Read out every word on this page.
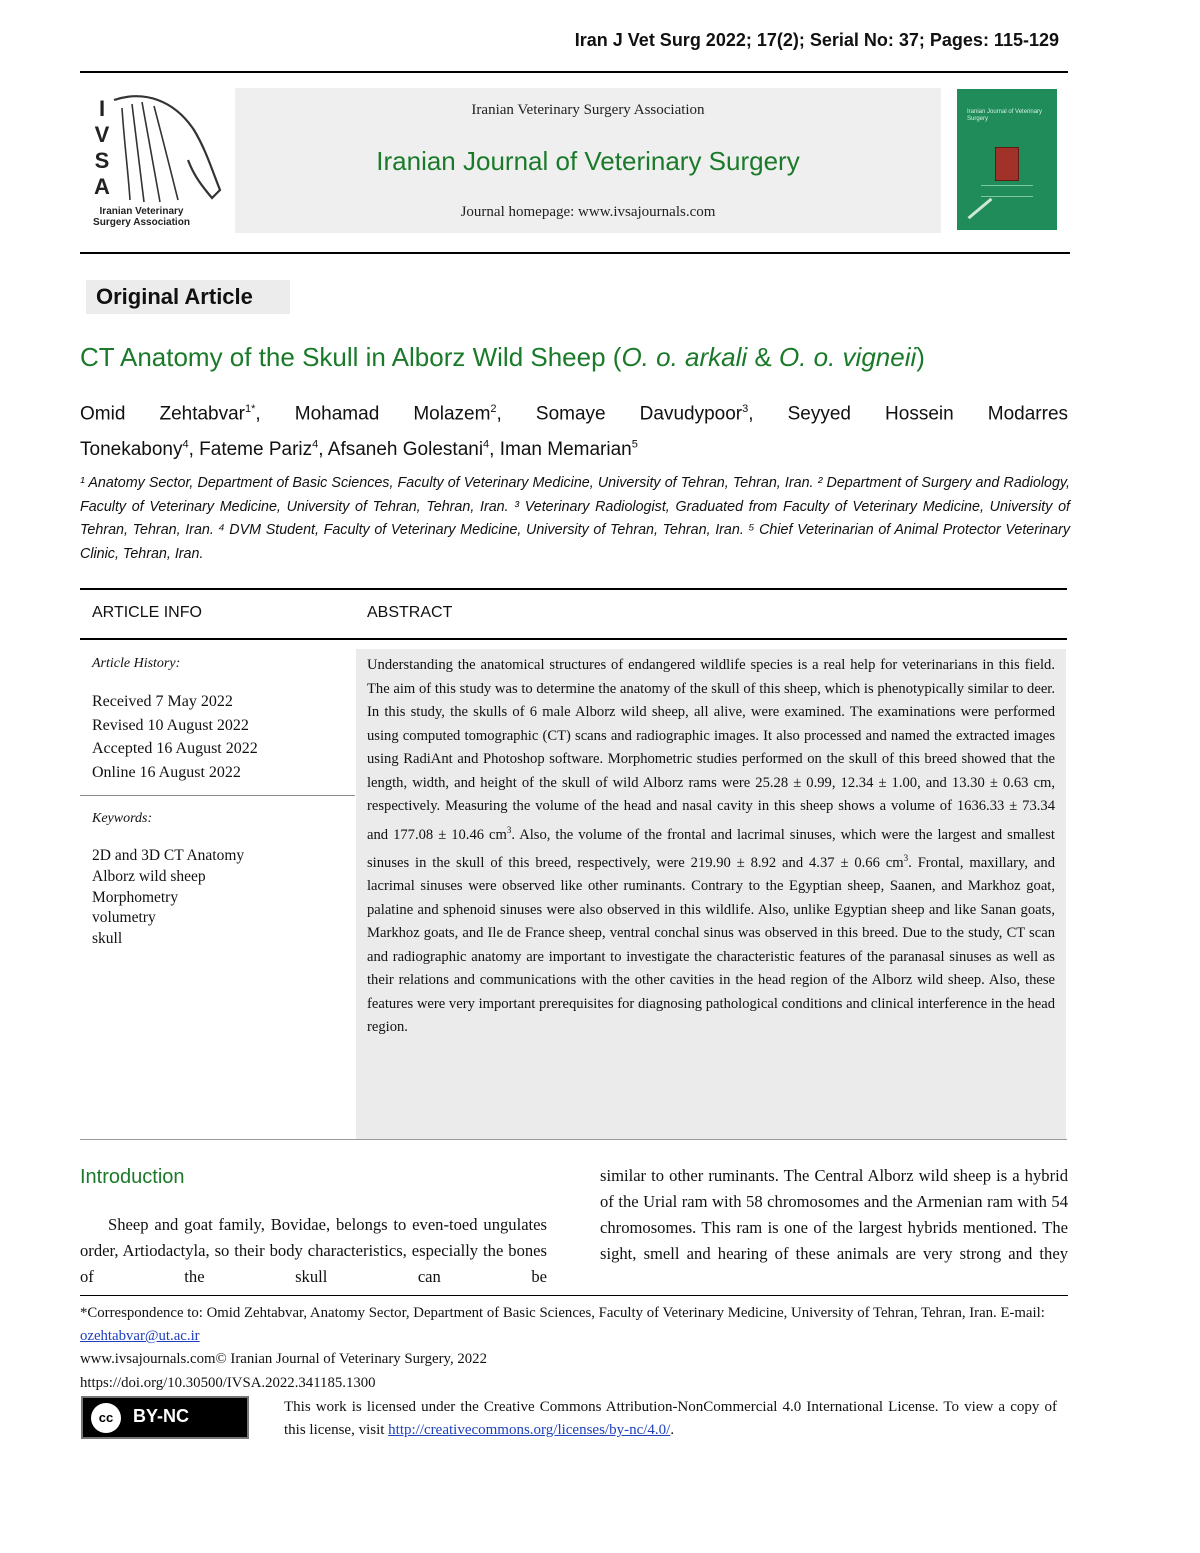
Iran J Vet Surg 2022; 17(2); Serial No: 37; Pages: 115-129
I
V
S
A
Iranian Veterinary Surgery Association
Iranian Veterinary Surgery Association
Iranian Journal of Veterinary Surgery
Journal homepage: www.ivsajournals.com
Iranian Journal of Veterinary Surgery
Original Article
CT Anatomy of the Skull in Alborz Wild Sheep (O. o. arkali & O. o. vigneii)
Omid Zehtabvar$^{1*}$, Mohamad Molazem$^2$, Somaye Davudypoor$^3$, Seyyed Hossein Modarres
Tonekabony$^4$, Fateme Pariz$^4$, Afsaneh Golestani$^4$, Iman Memarian$^5$
¹ Anatomy Sector, Department of Basic Sciences, Faculty of Veterinary Medicine, University of Tehran, Tehran, Iran. ² Department of Surgery and Radiology, Faculty of Veterinary Medicine, University of Tehran, Tehran, Iran. ³ Veterinary Radiologist, Graduated from Faculty of Veterinary Medicine, University of Tehran, Tehran, Iran. ⁴ DVM Student, Faculty of Veterinary Medicine, University of Tehran, Tehran, Iran. ⁵ Chief Veterinarian of Animal Protector Veterinary Clinic, Tehran, Iran.
ARTICLE INFO	ABSTRACT
Article History:
Received 7 May 2022
Revised 10 August 2022
Accepted 16 August 2022
Online 16 August 2022
Keywords:
2D and 3D CT Anatomy
Alborz wild sheep
Morphometry
volumetry
skull
Understanding the anatomical structures of endangered wildlife species is a real help for veterinarians in this field. The aim of this study was to determine the anatomy of the skull of this sheep, which is phenotypically similar to deer. In this study, the skulls of 6 male Alborz wild sheep, all alive, were examined. The examinations were performed using computed tomographic (CT) scans and radiographic images. It also processed and named the extracted images using RadiAnt and Photoshop software. Morphometric studies performed on the skull of this breed showed that the length, width, and height of the skull of wild Alborz rams were 25.28 ± 0.99, 12.34 ± 1.00, and 13.30 ± 0.63 cm, respectively. Measuring the volume of the head and nasal cavity in this sheep shows a volume of 1636.33 ± 73.34 and 177.08 ± 10.46 $cm^3$. Also, the volume of the frontal and lacrimal sinuses, which were the largest and smallest sinuses in the skull of this breed, respectively, were 219.90 ± 8.92 and 4.37 ± 0.66 $cm^3$. Frontal, maxillary, and lacrimal sinuses were observed like other ruminants. Contrary to the Egyptian sheep, Saanen, and Markhoz goat, palatine and sphenoid sinuses were also observed in this wildlife. Also, unlike Egyptian sheep and like Sanan goats, Markhoz goats, and Ile de France sheep, ventral conchal sinus was observed in this breed. Due to the study, CT scan and radiographic anatomy are important to investigate the characteristic features of the paranasal sinuses as well as their relations and communications with the other cavities in the head region of the Alborz wild sheep. Also, these features were very important prerequisites for diagnosing pathological conditions and clinical interference in the head region.
Introduction
Sheep and goat family, Bovidae, belongs to even-toed ungulates order, Artiodactyla, so their body characteristics, especially the bones of the skull can be
similar to other ruminants. The Central Alborz wild sheep is a hybrid of the Urial ram with 58 chromosomes and the Armenian ram with 54 chromosomes. This ram is one of the largest hybrids mentioned. The sight, smell and hearing of these animals are very strong and they
*Correspondence to: Omid Zehtabvar, Anatomy Sector, Department of Basic Sciences, Faculty of Veterinary Medicine, University of Tehran, Tehran, Iran. E-mail: ozehtabvar@ut.ac.ir
www.ivsajournals.com© Iranian Journal of Veterinary Surgery, 2022
https://doi.org/10.30500/IVSA.2022.341185.1300
cc	BY-NC	This work is licensed under the Creative Commons Attribution-NonCommercial 4.0 International License. To view a copy of this license, visit http://creativecommons.org/licenses/by-nc/4.0/.
